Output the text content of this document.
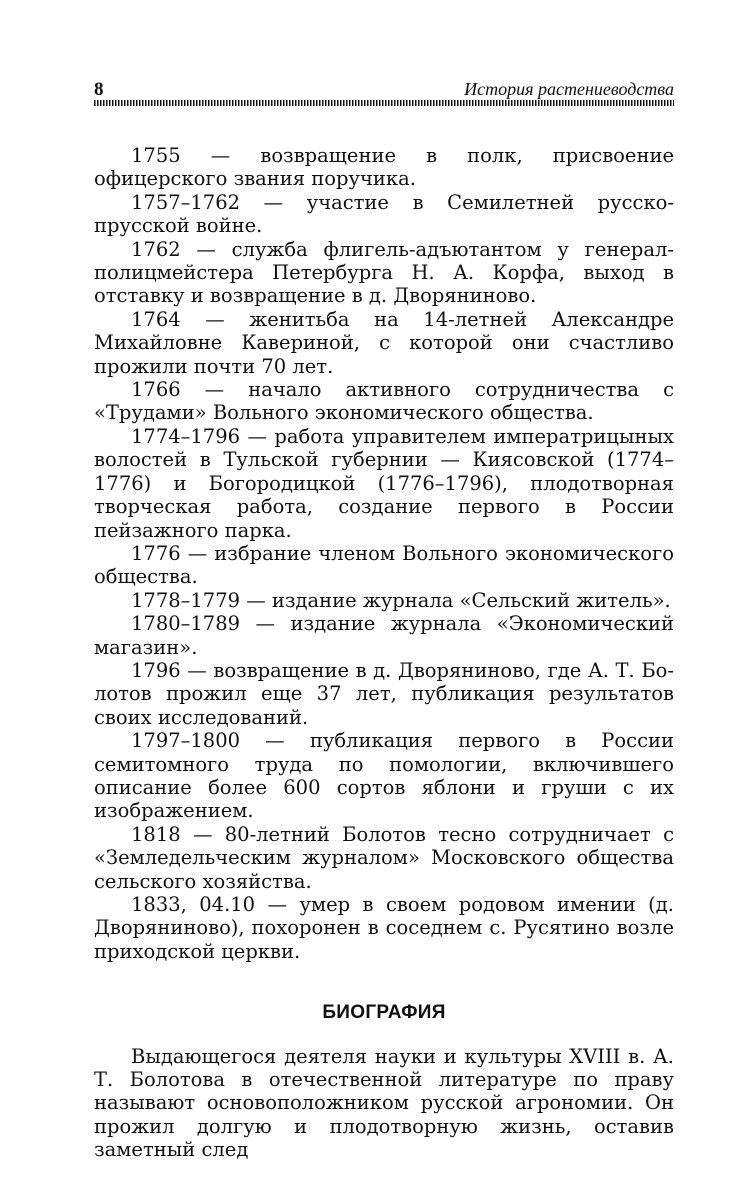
8	История растениеводства

1755 — возвращение в полк, присвоение офицерского звания поручика.

1757–1762 — участие в Семилетней русско-прусской войне.

1762 — служба флигель-адъютантом у генерал-полицмейстера Петербурга Н. А. Корфа, выход в отставку и возвращение в д. Дворяниново.

1764 — женитьба на 14-летней Александре Михайловне Кавериной, с которой они счастливо прожили почти 70 лет.

1766 — начало активного сотрудничества с «Трудами» Вольного экономического общества.

1774–1796 — работа управителем императрицыных волостей в Тульской губернии — Киясовской (1774–1776) и Богородицкой (1776–1796), плодотворная творческая работа, создание первого в России пейзажного парка.

1776 — избрание членом Вольного экономического общества.

1778–1779 — издание журнала «Сельский житель».

1780–1789 — издание журнала «Экономический магазин».

1796 — возвращение в д. Дворяниново, где А. Т. Болотов прожил еще 37 лет, публикация результатов своих исследований.

1797–1800 — публикация первого в России семитомного труда по помологии, включившего описание более 600 сортов яблони и груши с их изображением.

1818 — 80-летний Болотов тесно сотрудничает с «Земледельческим журналом» Московского общества сельского хозяйства.

1833, 04.10 — умер в своем родовом имении (д. Дворяниново), похоронен в соседнем с. Русятино возле приходской церкви.

БИОГРАФИЯ

Выдающегося деятеля науки и культуры XVIII в. А. Т. Болотова в отечественной литературе по праву называют основоположником русской агрономии. Он прожил долгую и плодотворную жизнь, оставив заметный след
